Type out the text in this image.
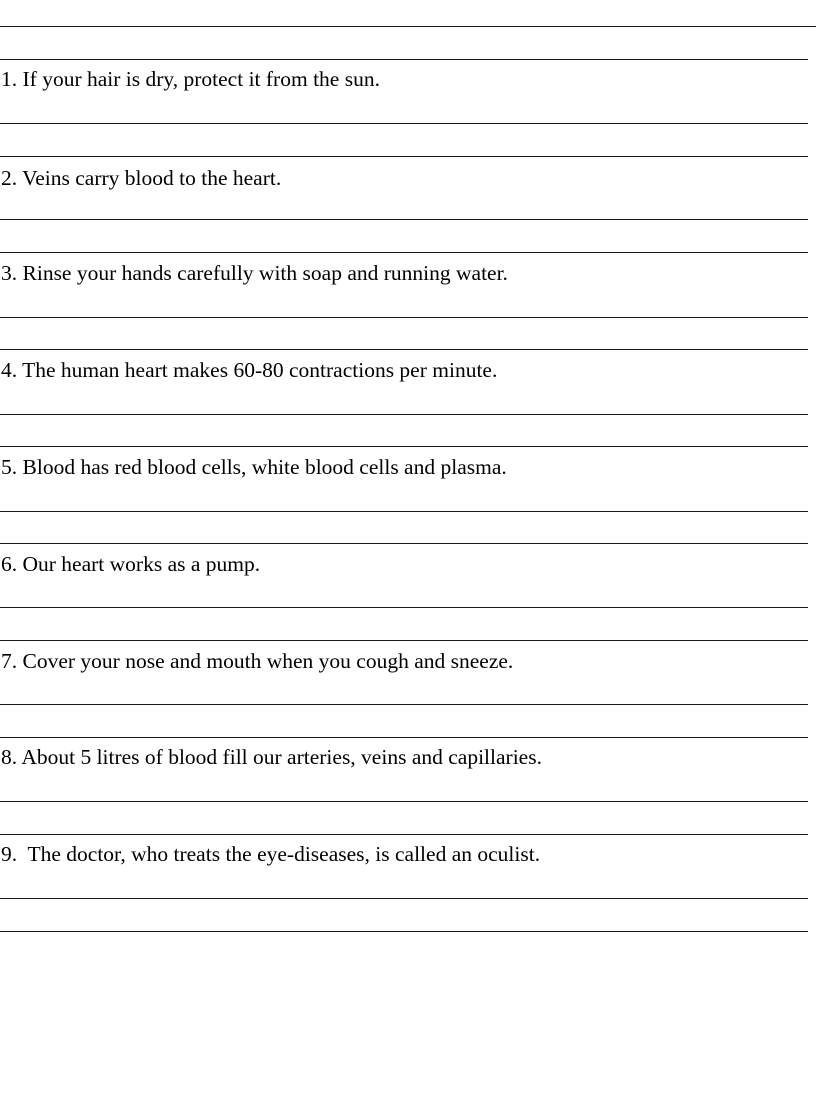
1. If your hair is dry, protect it from the sun.

2. Veins carry blood to the heart.

3. Rinse your hands carefully with soap and running water.

4. The human heart makes 60-80 contractions per minute.

5. Blood has red blood cells, white blood cells and plasma.

6. Our heart works as a pump.

7. Cover your nose and mouth when you cough and sneeze.

8. About 5 litres of blood fill our arteries, veins and capillaries.

9.  The doctor, who treats the eye-diseases, is called an oculist.
